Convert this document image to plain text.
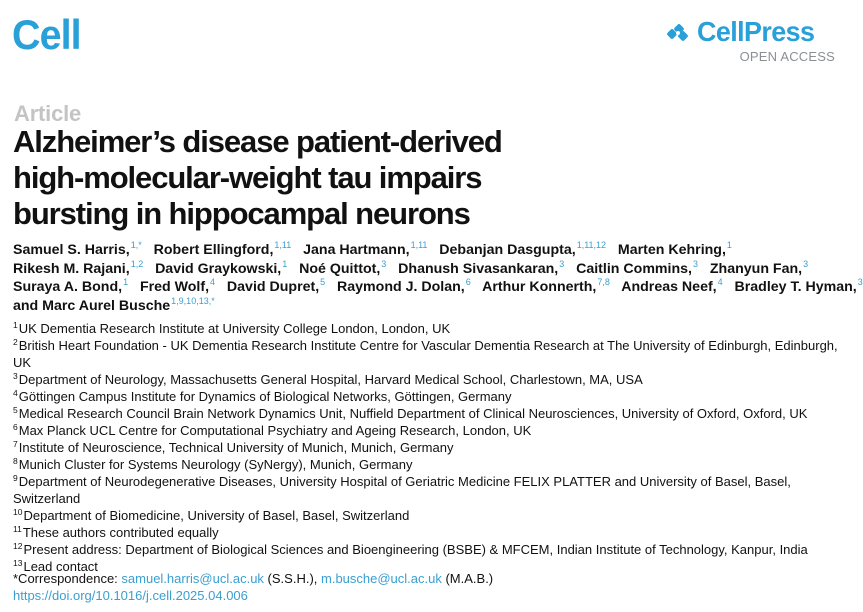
Cell	CellPress
OPEN ACCESS
Article
Alzheimer’s disease patient-derived
high-molecular-weight tau impairs
bursting in hippocampal neurons
Samuel S. Harris,$^{1,*}$ Robert Ellingford,$^{1,11}$ Jana Hartmann,$^{1,11}$ Debanjan Dasgupta,$^{1,11,12}$ Marten Kehring,$^1$
Rikesh M. Rajani,$^{1,2}$ David Graykowski,$^1$ Noé Quittot,$^3$ Dhanush Sivasankaran,$^3$ Caitlin Commins,$^3$ Zhanyun Fan,$^3$
Suraya A. Bond,$^1$ Fred Wolf,$^4$ David Dupret,$^5$ Raymond J. Dolan,$^6$ Arthur Konnerth,$^{7,8}$ Andreas Neef,$^4$ Bradley T. Hyman,$^3$
and Marc Aurel Busche$^{1,9,10,13,*}$
$^1$UK Dementia Research Institute at University College London, London, UK
$^2$British Heart Foundation - UK Dementia Research Institute Centre for Vascular Dementia Research at The University of Edinburgh, Edinburgh, UK
$^3$Department of Neurology, Massachusetts General Hospital, Harvard Medical School, Charlestown, MA, USA
$^4$Göttingen Campus Institute for Dynamics of Biological Networks, Göttingen, Germany
$^5$Medical Research Council Brain Network Dynamics Unit, Nuffield Department of Clinical Neurosciences, University of Oxford, Oxford, UK
$^6$Max Planck UCL Centre for Computational Psychiatry and Ageing Research, London, UK
$^7$Institute of Neuroscience, Technical University of Munich, Munich, Germany
$^8$Munich Cluster for Systems Neurology (SyNergy), Munich, Germany
$^9$Department of Neurodegenerative Diseases, University Hospital of Geriatric Medicine FELIX PLATTER and University of Basel, Basel, Switzerland
$^{10}$Department of Biomedicine, University of Basel, Basel, Switzerland
$^{11}$These authors contributed equally
$^{12}$Present address: Department of Biological Sciences and Bioengineering (BSBE) & MFCEM, Indian Institute of Technology, Kanpur, India
$^{13}$Lead contact
*Correspondence: samuel.harris@ucl.ac.uk (S.S.H.), m.busche@ucl.ac.uk (M.A.B.)
https://doi.org/10.1016/j.cell.2025.04.006
